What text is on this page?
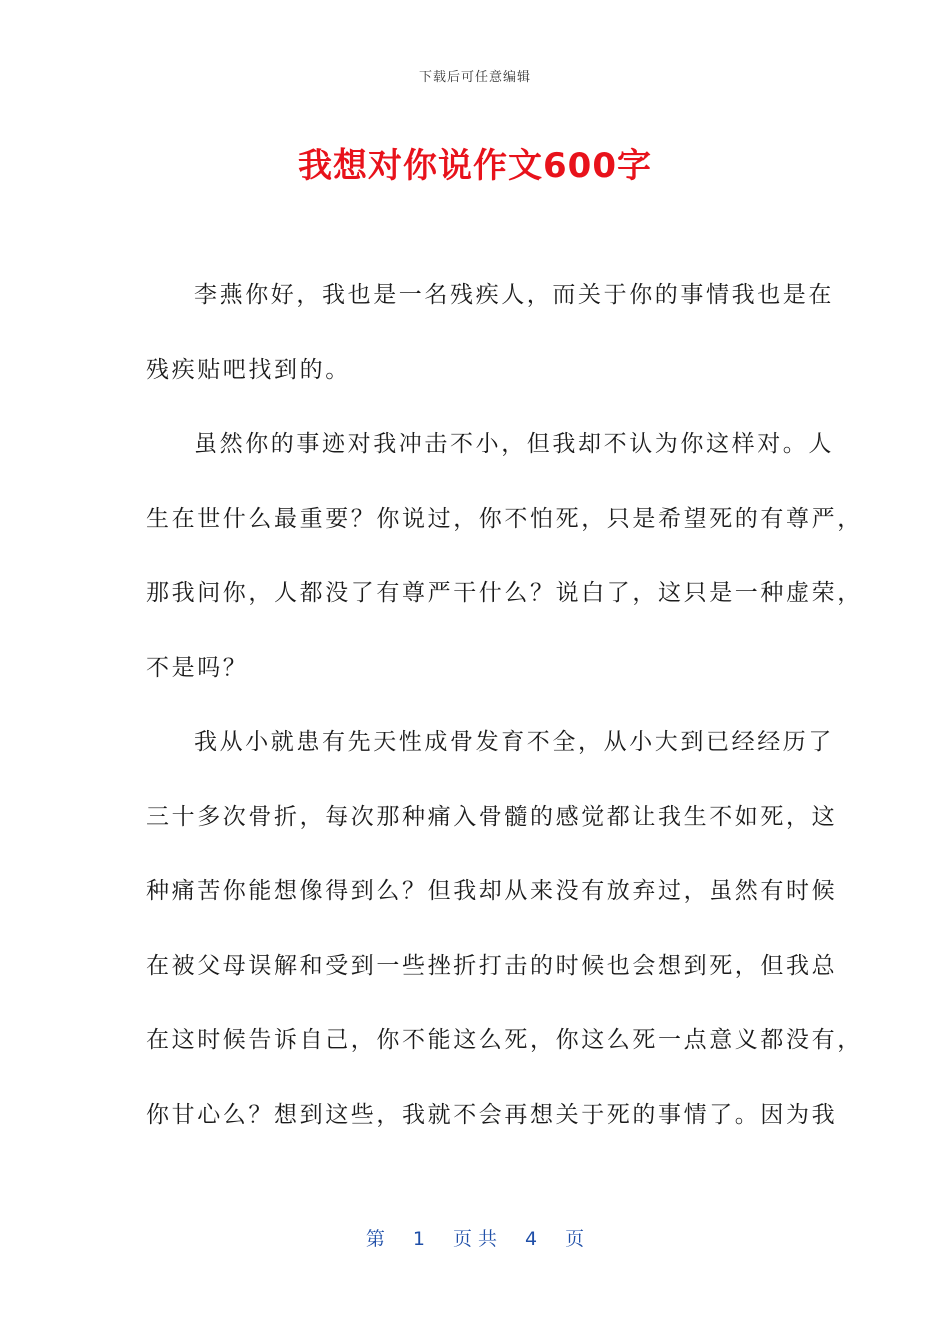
下载后可任意编辑
我想对你说作文600字
李燕你好，我也是一名残疾人，而关于你的事情我也是在
残疾贴吧找到的。
虽然你的事迹对我冲击不小，但我却不认为你这样对。人
生在世什么最重要？你说过，你不怕死，只是希望死的有尊严，
那我问你，人都没了有尊严干什么？说白了，这只是一种虚荣，
不是吗？
我从小就患有先天性成骨发育不全，从小大到已经经历了
三十多次骨折，每次那种痛入骨髓的感觉都让我生不如死，这
种痛苦你能想像得到么？但我却从来没有放弃过，虽然有时候
在被父母误解和受到一些挫折打击的时候也会想到死，但我总
在这时候告诉自己，你不能这么死，你这么死一点意义都没有，
你甘心么？想到这些，我就不会再想关于死的事情了。因为我
第 1 页 共 4 页
